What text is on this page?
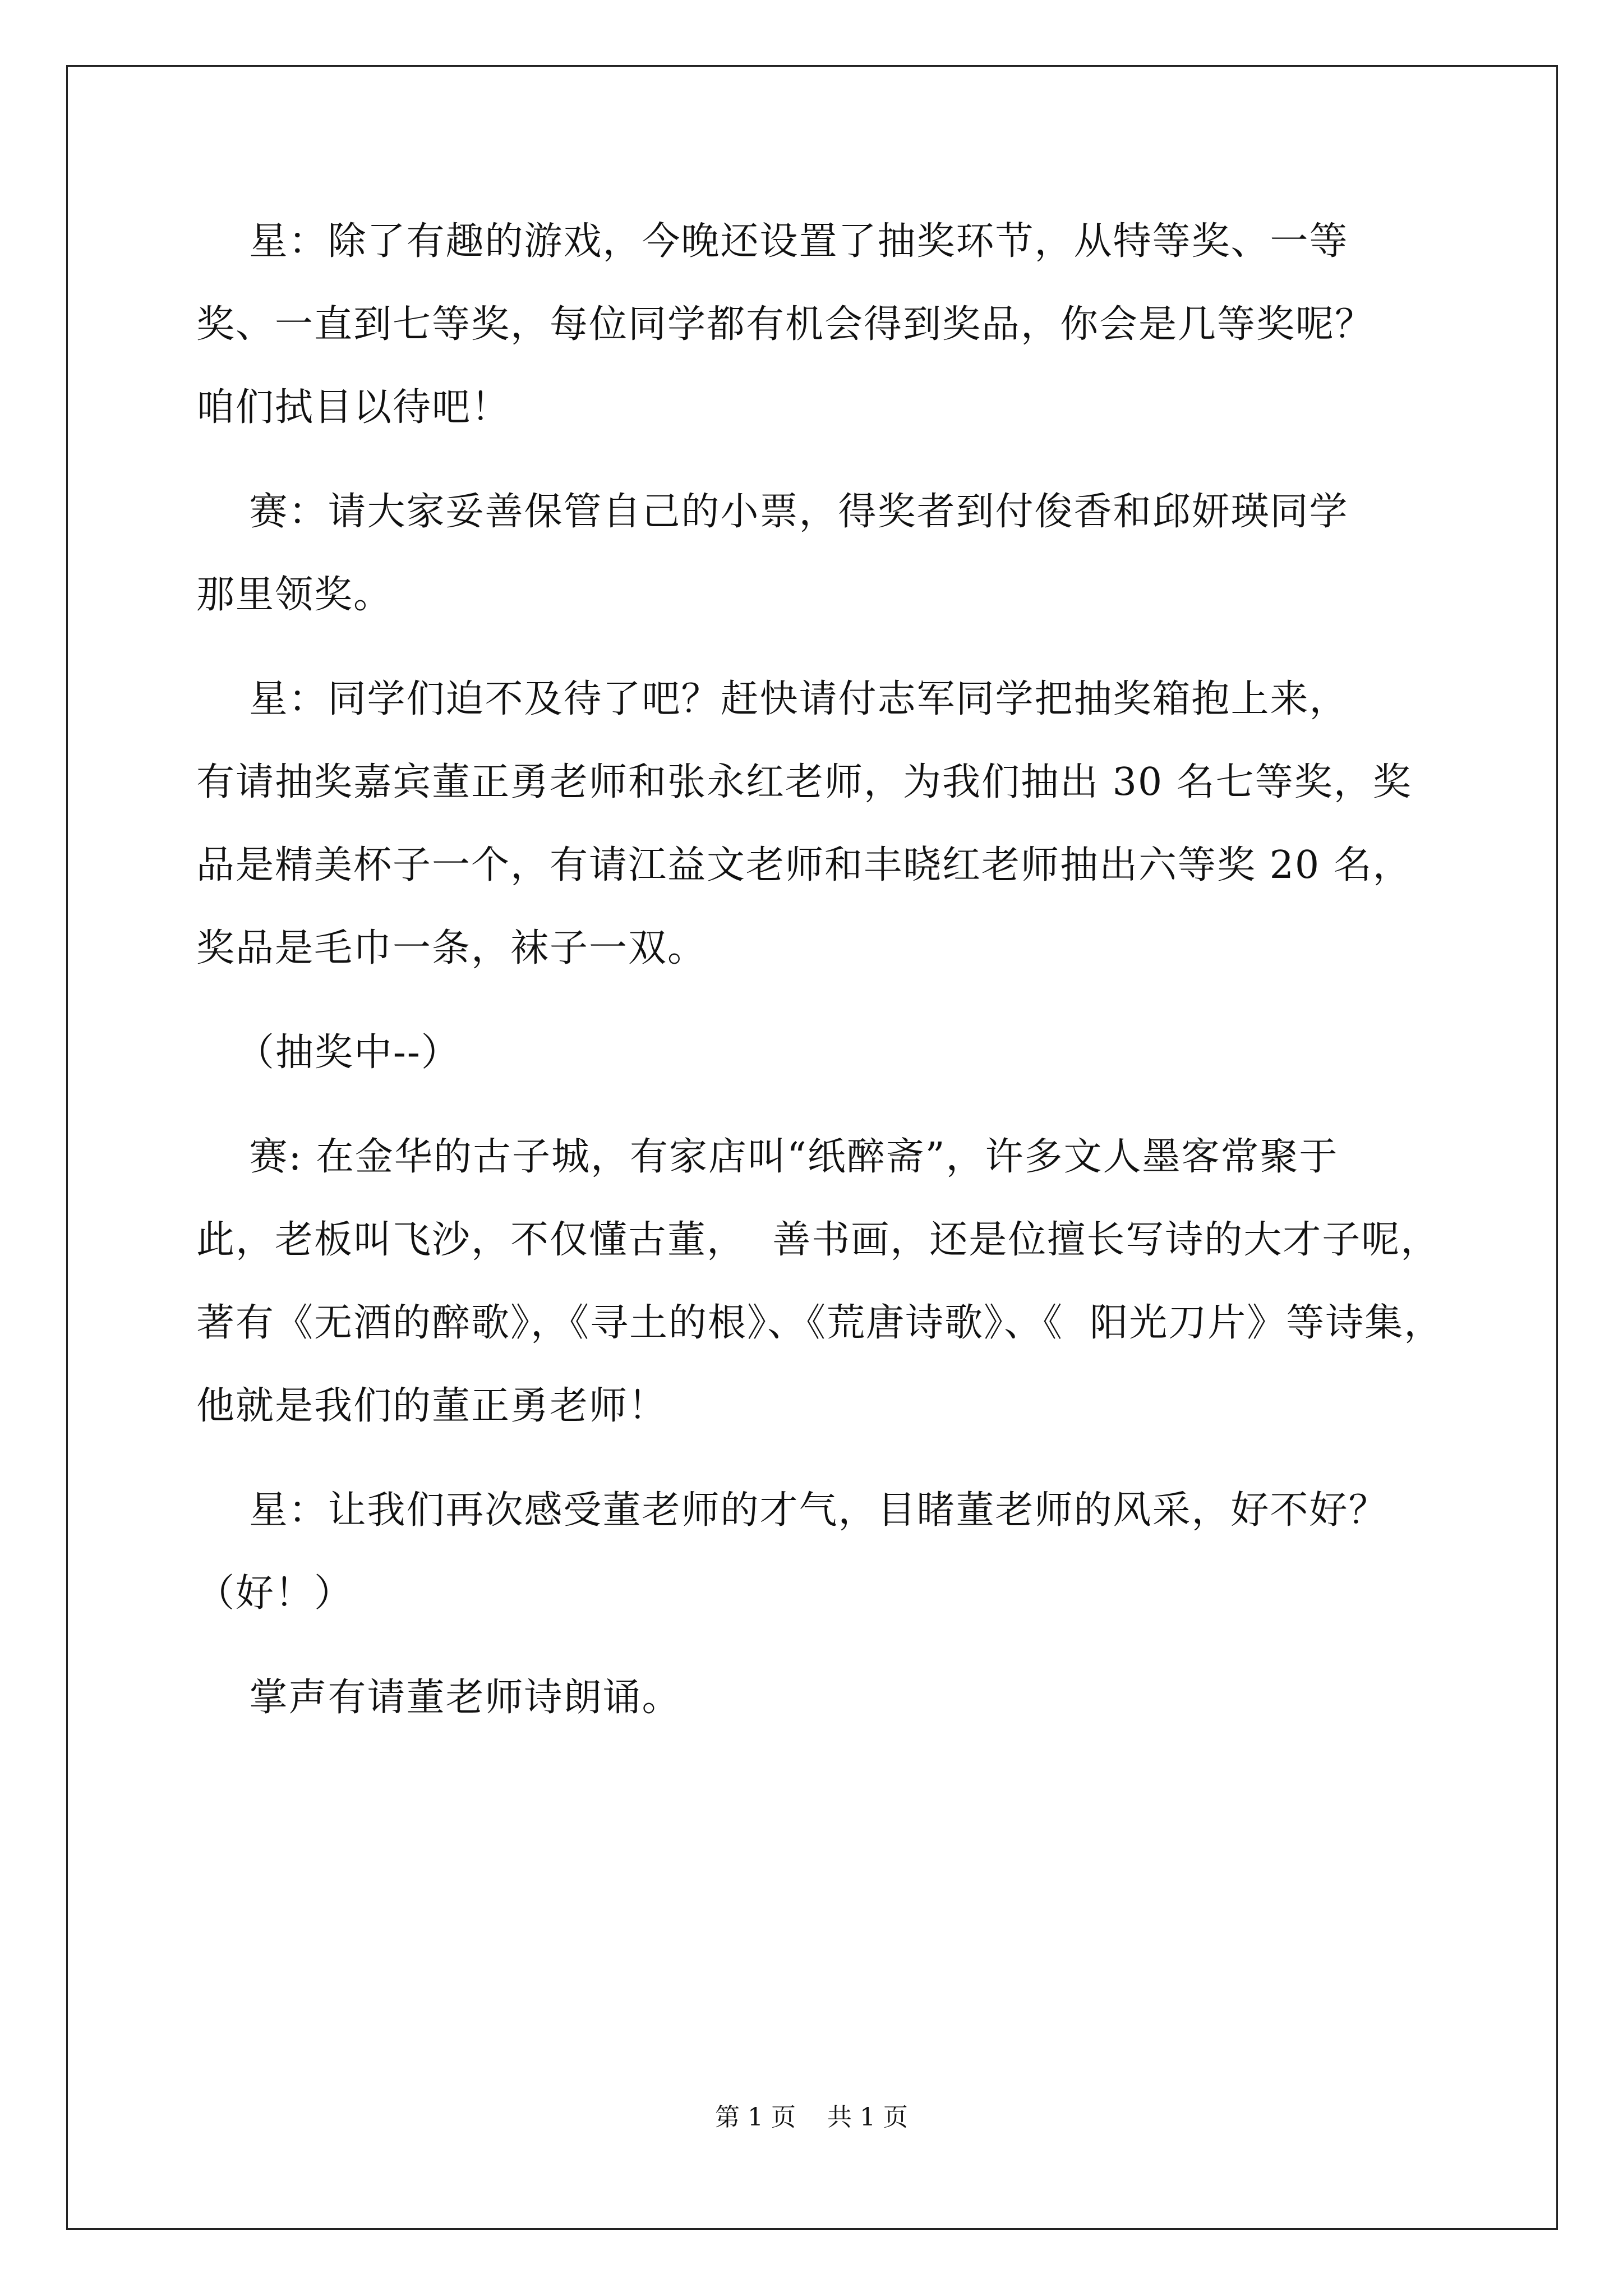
星：除了有趣的游戏，今晚还设置了抽奖环节，从特等奖、一等
奖、一直到七等奖，每位同学都有机会得到奖品，你会是几等奖呢？
咱们拭目以待吧！
赛：请大家妥善保管自己的小票，得奖者到付俊香和邱妍瑛同学
那里领奖。
星：同学们迫不及待了吧？赶快请付志军同学把抽奖箱抱上来，
有请抽奖嘉宾董正勇老师和张永红老师，为我们抽出 30 名七等奖，奖
品是精美杯子一个，有请江益文老师和丰晓红老师抽出六等奖 20 名，
奖品是毛巾一条，袜子一双。
（抽奖中--）
赛: 在金华的古子城，有家店叫“纸醉斋”，许多文人墨客常聚于
此，老板叫飞沙，不仅懂古董，  善书画，还是位擅长写诗的大才子呢，
著有《无酒的醉歌》，《寻土的根》、《荒唐诗歌》、《  阳光刀片》等诗集，
他就是我们的董正勇老师！
星：让我们再次感受董老师的才气，目睹董老师的风采，好不好？
（好！）
掌声有请董老师诗朗诵。
第 1 页    共 1 页
